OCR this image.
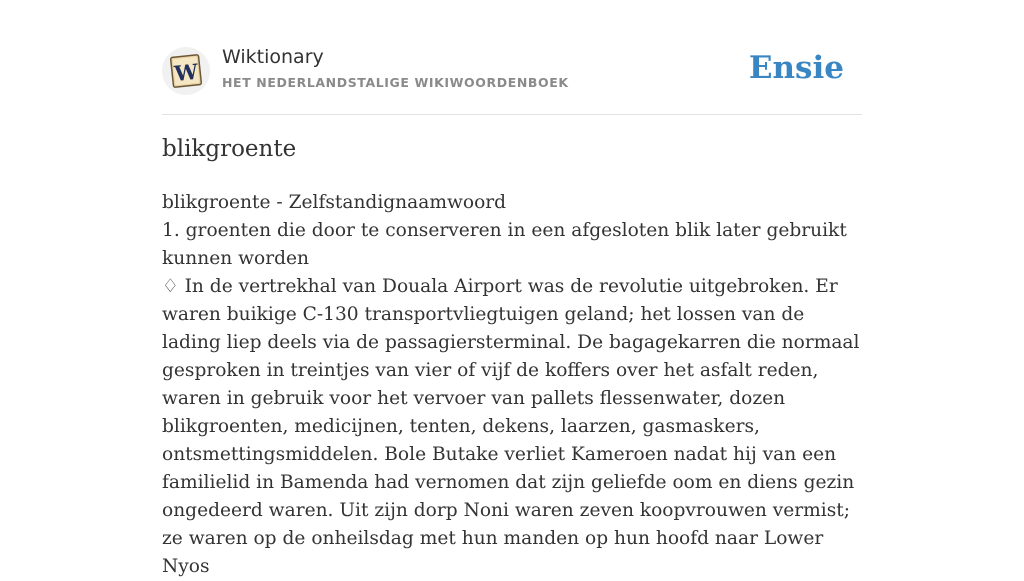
W
Wiktionary
HET NEDERLANDSTALIGE WIKIWOORDENBOEK	Ensie
blikgroente

blikgroente - Zelfstandignaamwoord

1. groenten die door te conserveren in een afgesloten blik later gebruikt kunnen worden

♢ In de vertrekhal van Douala Airport was de revolutie uitgebroken. Er waren buikige C-130 transportvliegtuigen geland; het lossen van de lading liep deels via de passagiersterminal. De bagagekarren die normaal gesproken in treintjes van vier of vijf de koffers over het asfalt reden, waren in gebruik voor het vervoer van pallets flessenwater, dozen blikgroenten, medicijnen, tenten, dekens, laarzen, gasmaskers, ontsmettingsmiddelen. Bole Butake verliet Kameroen nadat hij van een familielid in Bamenda had vernomen dat zijn geliefde oom en diens gezin ongedeerd waren. Uit zijn dorp Noni waren zeven koopvrouwen vermist; ze waren op de onheilsdag met hun manden op hun hoofd naar Lower Nyos
